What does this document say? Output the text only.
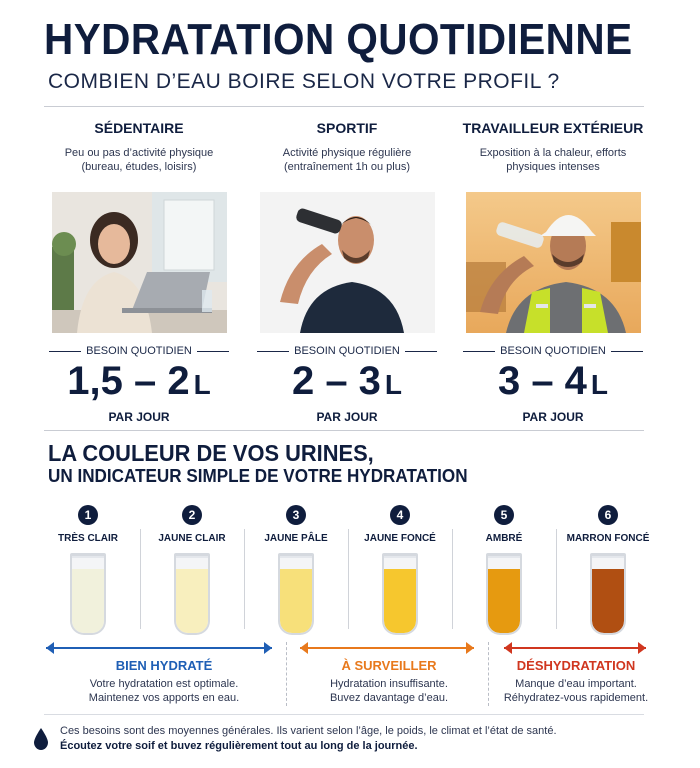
HYDRATATION QUOTIDIENNE
COMBIEN D’EAU BOIRE SELON VOTRE PROFIL ?
SÉDENTAIRE

Peu ou pas d’activité physique
(bureau, études, loisirs)

BESOIN QUOTIDIEN
1,5 – 2 L
PAR JOUR
SPORTIF

Activité physique régulière
(entraînement 1h ou plus)

BESOIN QUOTIDIEN
2 – 3 L
PAR JOUR
TRAVAILLEUR EXTÉRIEUR

Exposition à la chaleur, efforts
physiques intenses

BESOIN QUOTIDIEN
3 – 4 L
PAR JOUR
LA COULEUR DE VOS URINES,
UN INDICATEUR SIMPLE DE VOTRE HYDRATATION
1
TRÈS CLAIR
2
JAUNE CLAIR
3
JAUNE PÂLE
4
JAUNE FONCÉ
5
AMBRÉ
6
MARRON FONCÉ
BIEN HYDRATÉ

Votre hydratation est optimale.
Maintenez vos apports en eau.

À SURVEILLER

Hydratation insuffisante.
Buvez davantage d’eau.

DÉSHYDRATATION

Manque d’eau important.
Réhydratez-vous rapidement.

Ces besoins sont des moyennes générales. Ils varient selon l’âge, le poids, le climat et l’état de santé.
Écoutez votre soif et buvez régulièrement tout au long de la journée.
